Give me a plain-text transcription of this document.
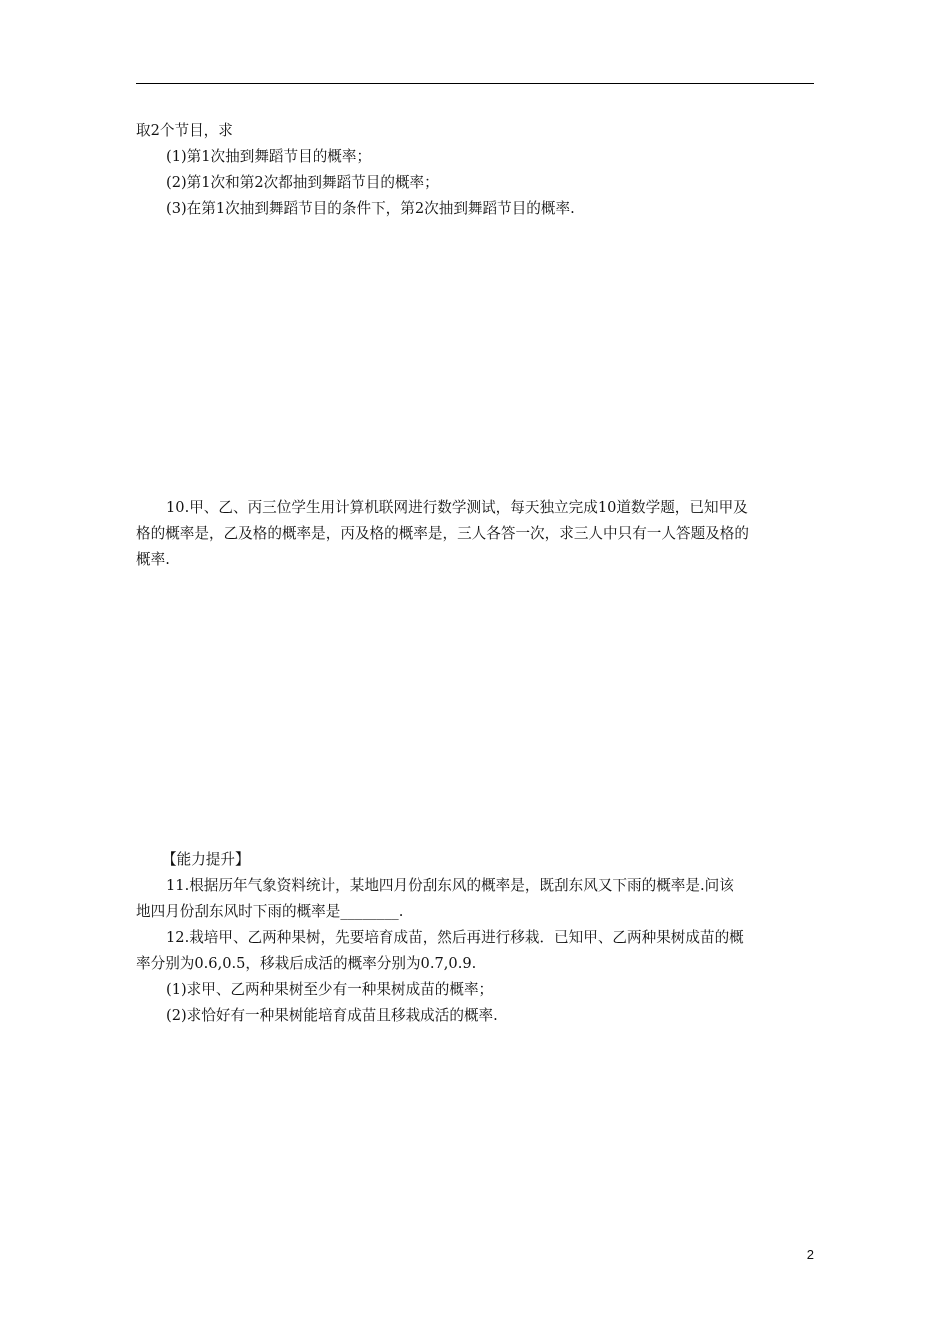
取2个节目，求
(1)第1次抽到舞蹈节目的概率；
(2)第1次和第2次都抽到舞蹈节目的概率；
(3)在第1次抽到舞蹈节目的条件下，第2次抽到舞蹈节目的概率.
10.甲、乙、丙三位学生用计算机联网进行数学测试，每天独立完成10道数学题，已知甲及
格的概率是，乙及格的概率是，丙及格的概率是，三人各答一次，求三人中只有一人答题及格的
概率.
【能力提升】
11.根据历年气象资料统计，某地四月份刮东风的概率是，既刮东风又下雨的概率是.问该
地四月份刮东风时下雨的概率是________.
12.栽培甲、乙两种果树，先要培育成苗，然后再进行移栽．已知甲、乙两种果树成苗的概
率分别为0.6,0.5，移栽后成活的概率分别为0.7,0.9.
(1)求甲、乙两种果树至少有一种果树成苗的概率；
(2)求恰好有一种果树能培育成苗且移栽成活的概率.
2
